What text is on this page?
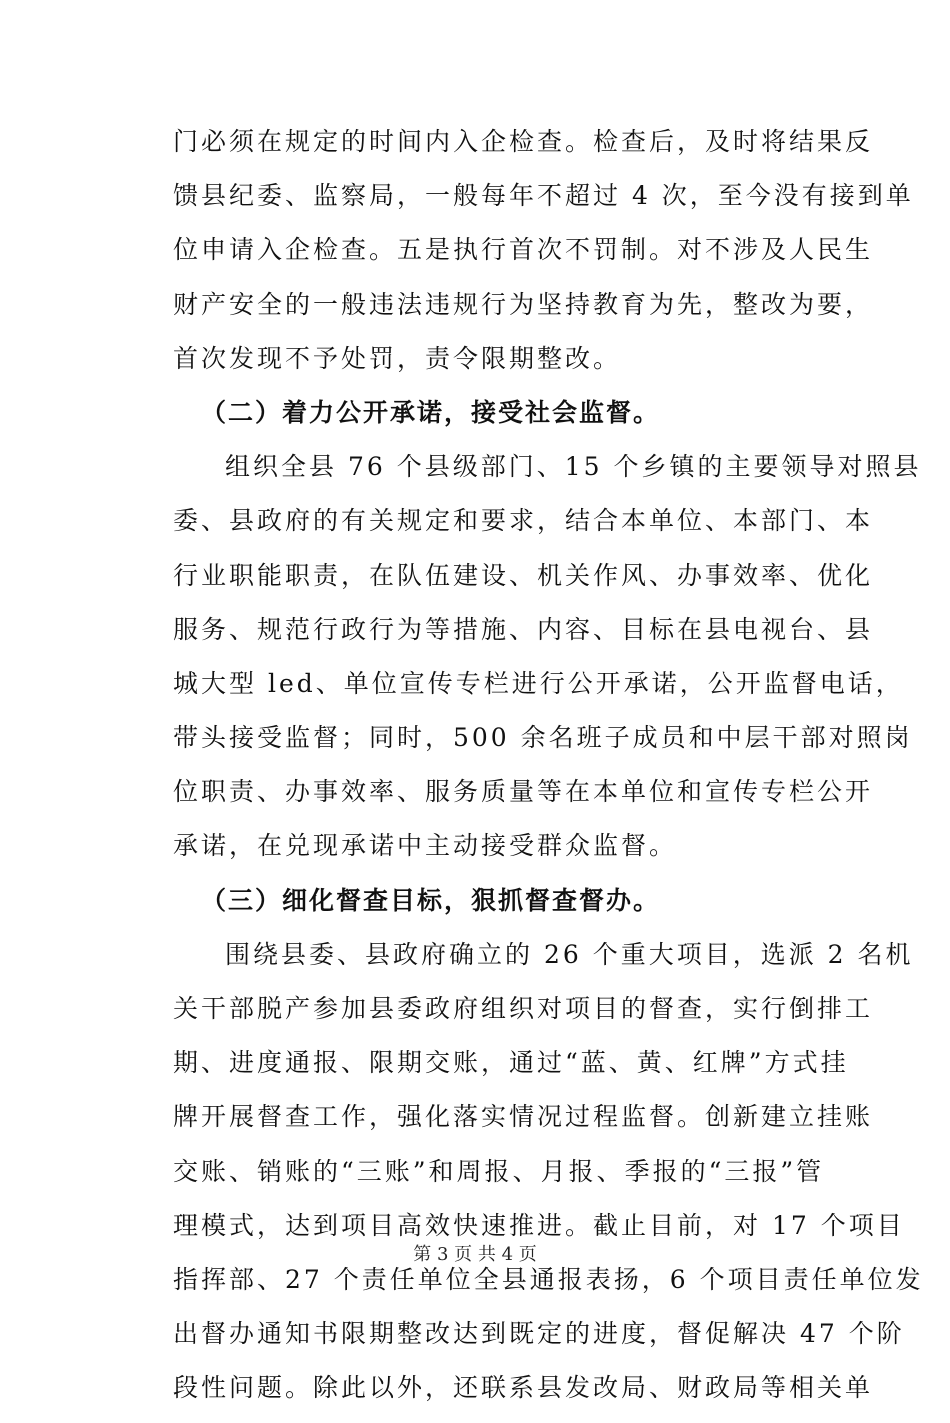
门必须在规定的时间内入企检查。检查后，及时将结果反
馈县纪委、监察局，一般每年不超过 4 次，至今没有接到单
位申请入企检查。五是执行首次不罚制。对不涉及人民生
财产安全的一般违法违规行为坚持教育为先，整改为要，
首次发现不予处罚，责令限期整改。
（二）着力公开承诺，接受社会监督。
组织全县 76 个县级部门、15 个乡镇的主要领导对照县
委、县政府的有关规定和要求，结合本单位、本部门、本
行业职能职责，在队伍建设、机关作风、办事效率、优化
服务、规范行政行为等措施、内容、目标在县电视台、县
城大型 led、单位宣传专栏进行公开承诺，公开监督电话，
带头接受监督；同时，500 余名班子成员和中层干部对照岗
位职责、办事效率、服务质量等在本单位和宣传专栏公开
承诺，在兑现承诺中主动接受群众监督。
（三）细化督查目标，狠抓督查督办。
围绕县委、县政府确立的 26 个重大项目，选派 2 名机
关干部脱产参加县委政府组织对项目的督查，实行倒排工
期、进度通报、限期交账，通过“蓝、黄、红牌”方式挂
牌开展督查工作，强化落实情况过程监督。创新建立挂账
交账、销账的“三账”和周报、月报、季报的“三报”管
理模式，达到项目高效快速推进。截止目前，对 17 个项目
指挥部、27 个责任单位全县通报表扬，6 个项目责任单位发
出督办通知书限期整改达到既定的进度，督促解决 47 个阶
段性问题。除此以外，还联系县发改局、财政局等相关单
第 3 页 共 4 页
